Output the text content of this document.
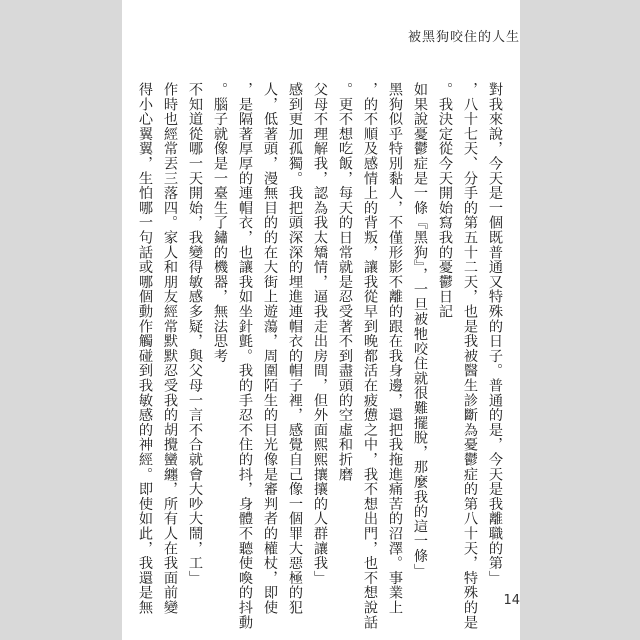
被黑狗咬住的人生
「對我來說，今天是一個既普通又特殊的日子。普通的是，今天是我離職的第
八十七天、分手的第五十二天，也是我被醫生診斷為憂鬱症的第八十天，特殊的是，
我決定從今天開始寫我的憂鬱日記。
「如果說憂鬱症是一條『黑狗』，一旦被牠咬住就很難擺脫，那麼我的這一條
黑狗似乎特別黏人，不僅形影不離的跟在我身邊，還把我拖進痛苦的沼澤。事業上
的不順及感情上的背叛，讓我從早到晚都活在疲憊之中，我不想出門，也不想說話，
更不想吃飯，每天的日常就是忍受著不到盡頭的空虛和折磨。
「父母不理解我，認為我太矯情，逼我走出房間，但外面熙熙攘攘的人群讓我
感到更加孤獨。我把頭深深的埋進連帽衣的帽子裡，感覺自己像一個罪大惡極的犯
人，低著頭，漫無目的的在大街上遊蕩，周圍陌生的目光像是審判者的權杖，即使
是隔著厚厚的連帽衣，也讓我如坐針氈。我的手忍不住的抖，身體不聽使喚的抖動，
腦子就像是一臺生了鏽的機器，無法思考。
「不知道從哪一天開始，我變得敏感多疑，與父母一言不合就會大吵大鬧，工
作時也經常丟三落四。家人和朋友經常默默忍受我的胡攪蠻纏，所有人在我面前變
得小心翼翼，生怕哪一句話或哪個動作觸碰到我敏感的神經。即使如此，我還是無	14
